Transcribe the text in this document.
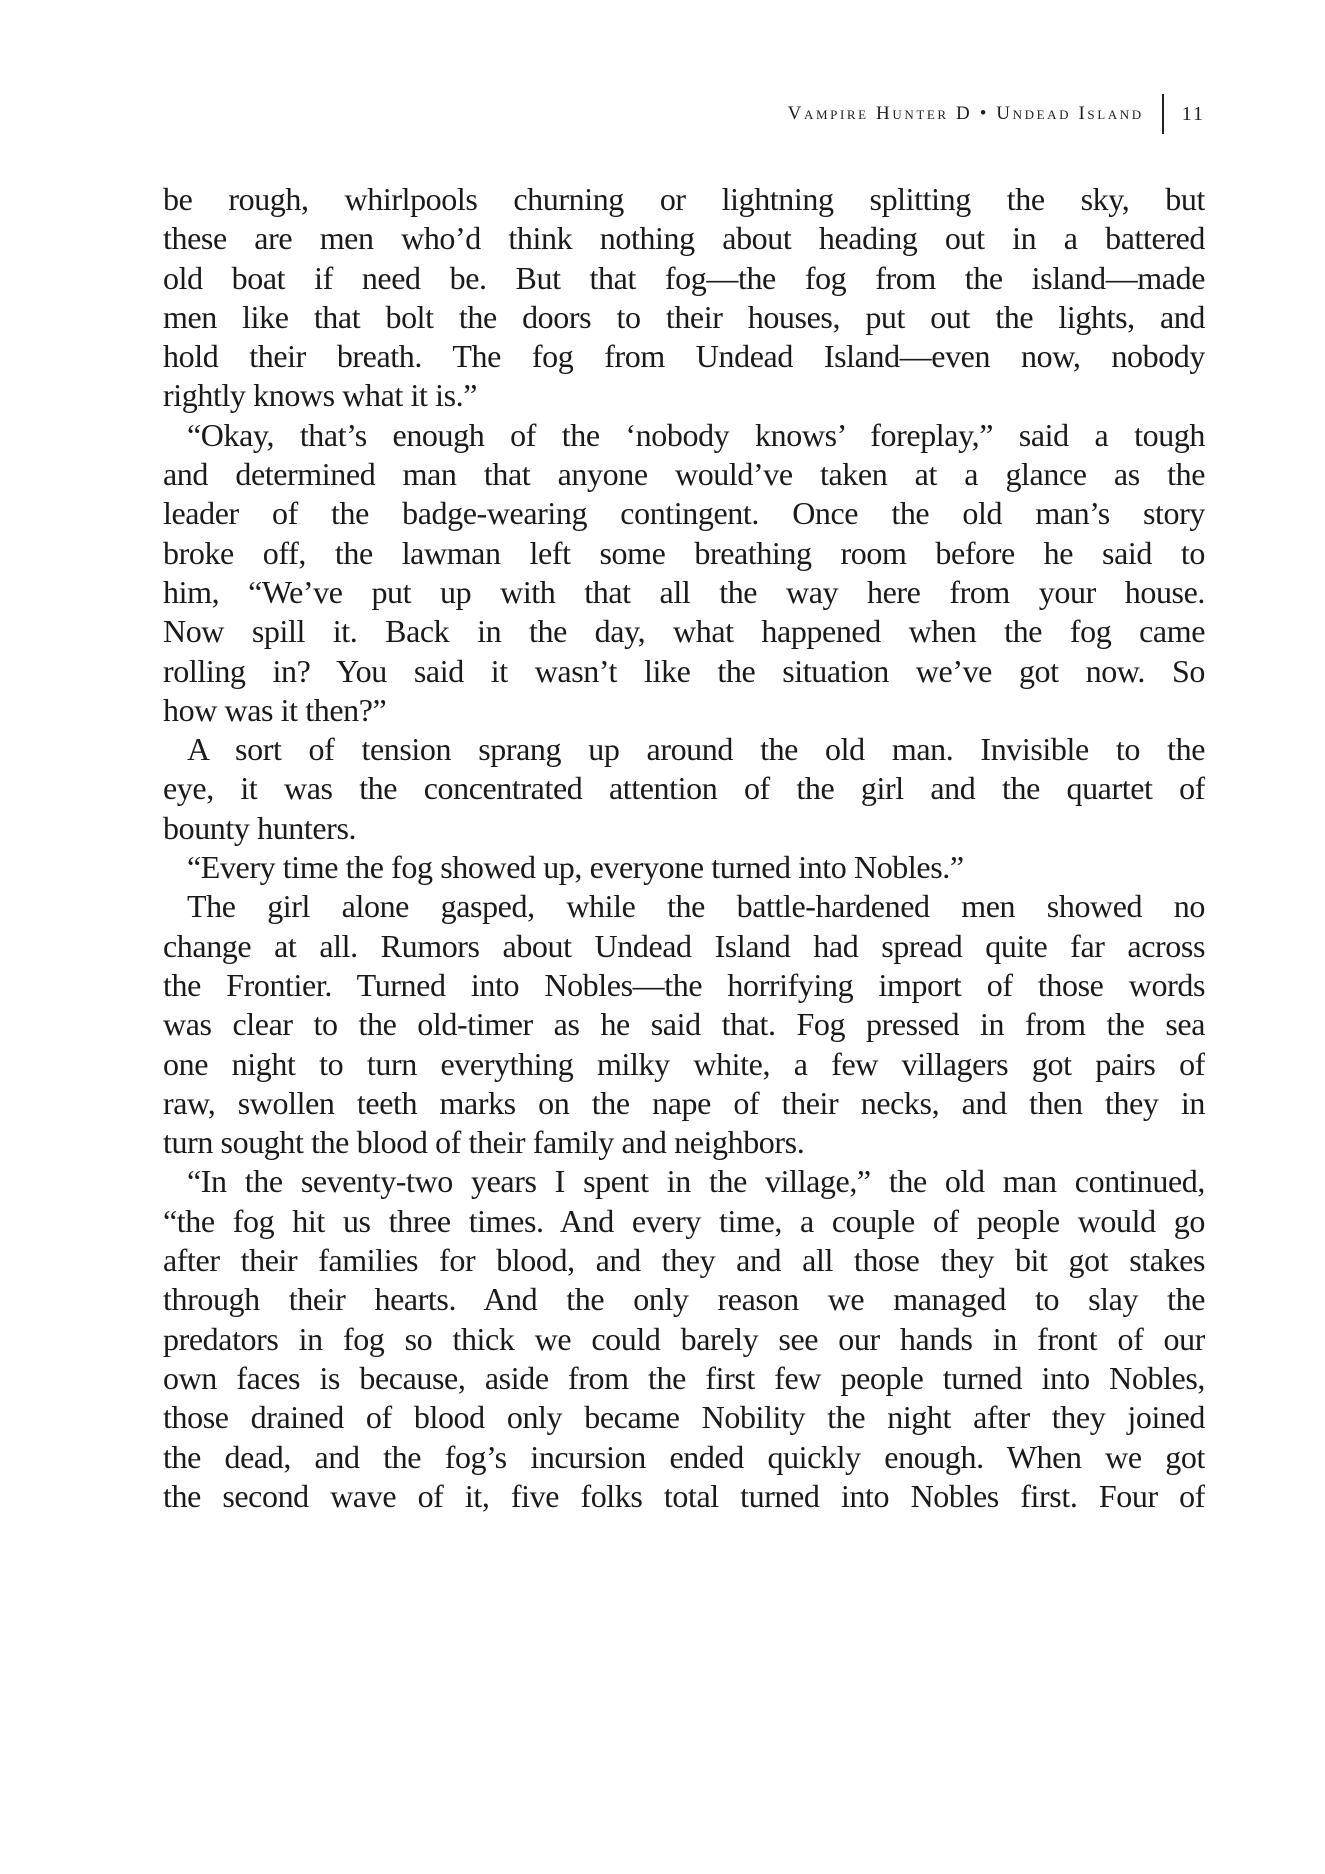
Vampire Hunter D • Undead Island	11
be rough, whirlpools churning or lightning splitting the sky, but
these are men who’d think nothing about heading out in a battered
old boat if need be. But that fog—the fog from the island—made
men like that bolt the doors to their houses, put out the lights, and
hold their breath. The fog from Undead Island—even now, nobody
rightly knows what it is.”
“Okay, that’s enough of the ‘nobody knows’ foreplay,” said a tough
and determined man that anyone would’ve taken at a glance as the
leader of the badge-wearing contingent. Once the old man’s story
broke off, the lawman left some breathing room before he said to
him, “We’ve put up with that all the way here from your house.
Now spill it. Back in the day, what happened when the fog came
rolling in? You said it wasn’t like the situation we’ve got now. So
how was it then?”
A sort of tension sprang up around the old man. Invisible to the
eye, it was the concentrated attention of the girl and the quartet of
bounty hunters.
“Every time the fog showed up, everyone turned into Nobles.”
The girl alone gasped, while the battle-hardened men showed no
change at all. Rumors about Undead Island had spread quite far across
the Frontier. Turned into Nobles—the horrifying import of those words
was clear to the old-timer as he said that. Fog pressed in from the sea
one night to turn everything milky white, a few villagers got pairs of
raw, swollen teeth marks on the nape of their necks, and then they in
turn sought the blood of their family and neighbors.
“In the seventy-two years I spent in the village,” the old man continued,
“the fog hit us three times. And every time, a couple of people would go
after their families for blood, and they and all those they bit got stakes
through their hearts. And the only reason we managed to slay the
predators in fog so thick we could barely see our hands in front of our
own faces is because, aside from the first few people turned into Nobles,
those drained of blood only became Nobility the night after they joined
the dead, and the fog’s incursion ended quickly enough. When we got
the second wave of it, five folks total turned into Nobles first. Four of
